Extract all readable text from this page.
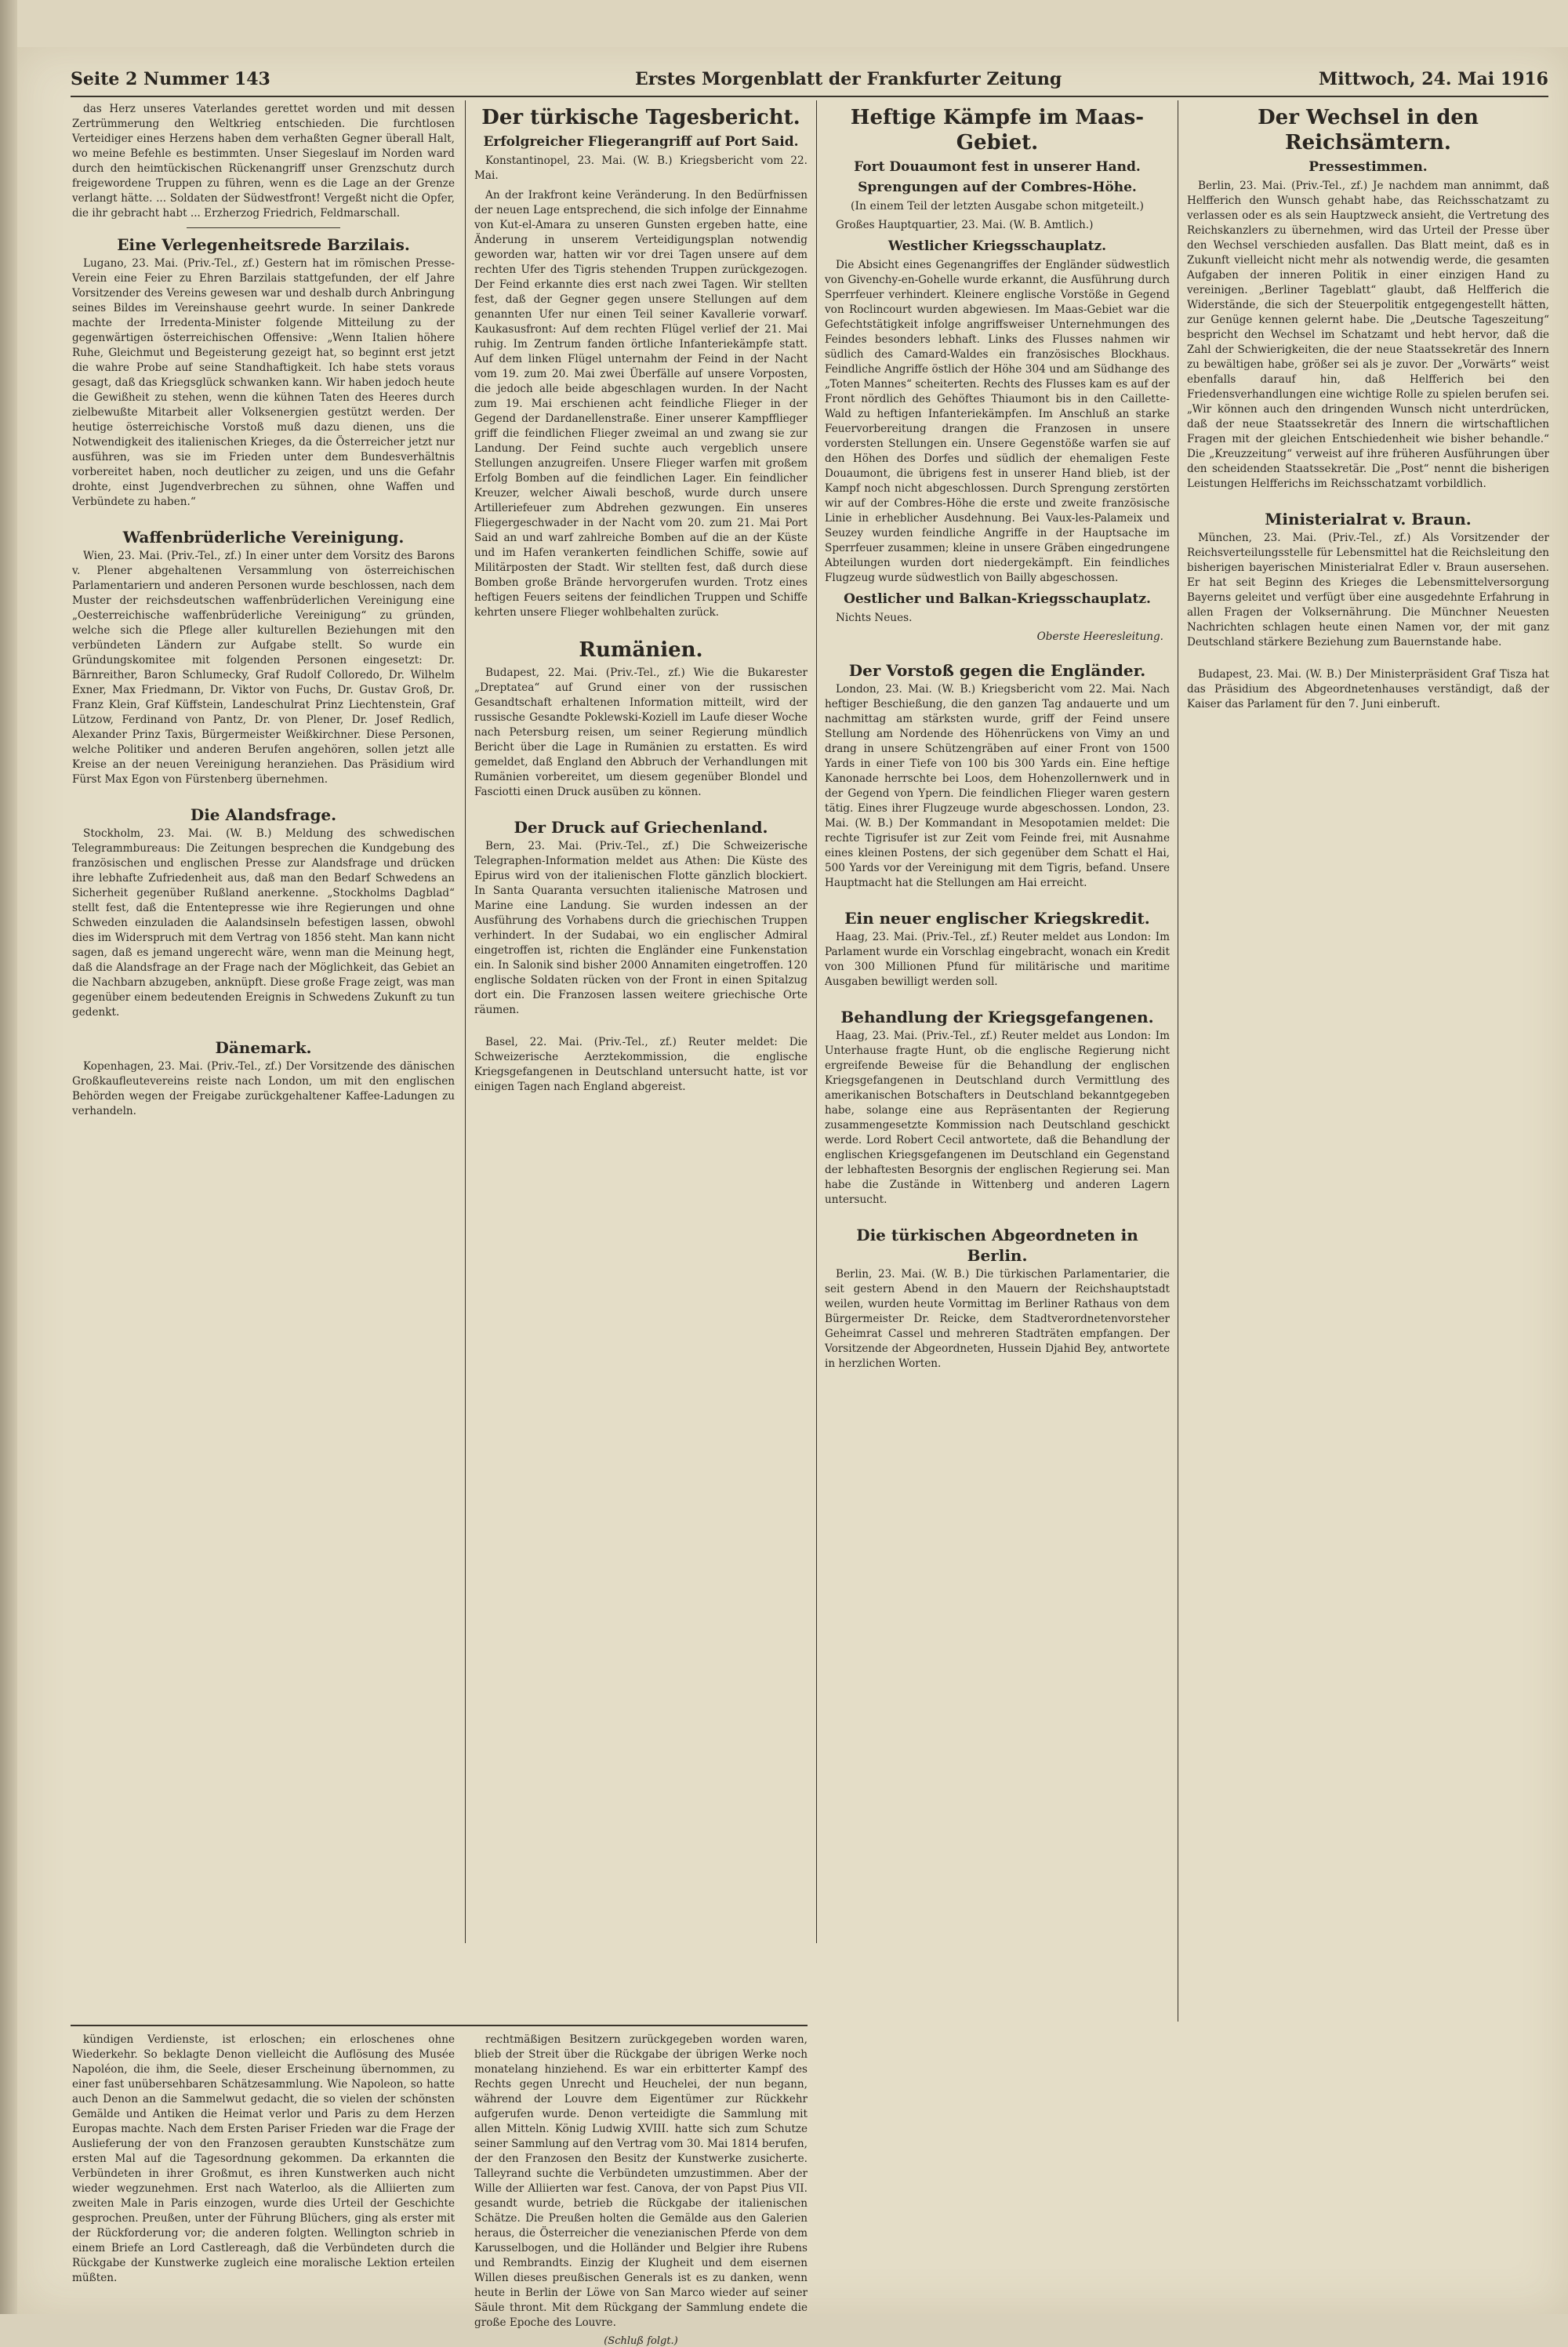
Seite 2 Nummer 143	Erstes Morgenblatt der Frankfurter Zeitung	Mittwoch, 24. Mai 1916

das Herz unseres Vaterlandes gerettet worden und mit dessen Zertrümmerung den Weltkrieg entschieden. Die furchtlosen Verteidiger eines Herzens haben dem verhaßten Gegner überall Halt, wo meine Befehle es bestimmten. Unser Siegeslauf im Norden ward durch den heimtückischen Rückenangriff unser Grenzschutz durch freigewordene Truppen zu führen, wenn es die Lage an der Grenze verlangt hätte. ... Soldaten der Südwestfront! Vergeßt nicht die Opfer, die ihr gebracht habt ... Erzherzog Friedrich, Feldmarschall.

Eine Verlegenheitsrede Barzilais.

Lugano, 23. Mai. (Priv.-Tel., zf.) Gestern hat im römischen Presse-Verein eine Feier zu Ehren Barzilais stattgefunden, der elf Jahre Vorsitzender des Vereins gewesen war und deshalb durch Anbringung seines Bildes im Vereinshause geehrt wurde. In seiner Dankrede machte der Irredenta-Minister folgende Mitteilung zu der gegenwärtigen österreichischen Offensive: „Wenn Italien höhere Ruhe, Gleichmut und Begeisterung gezeigt hat, so beginnt erst jetzt die wahre Probe auf seine Standhaftigkeit. Ich habe stets voraus gesagt, daß das Kriegsglück schwanken kann. Wir haben jedoch heute die Gewißheit zu stehen, wenn die kühnen Taten des Heeres durch zielbewußte Mitarbeit aller Volksenergien gestützt werden. Der heutige österreichische Vorstoß muß dazu dienen, uns die Notwendigkeit des italienischen Krieges, da die Österreicher jetzt nur ausführen, was sie im Frieden unter dem Bundesverhältnis vorbereitet haben, noch deutlicher zu zeigen, und uns die Gefahr drohte, einst Jugendverbrechen zu sühnen, ohne Waffen und Verbündete zu haben.“

Waffenbrüderliche Vereinigung.

Wien, 23. Mai. (Priv.-Tel., zf.) In einer unter dem Vorsitz des Barons v. Plener abgehaltenen Versammlung von österreichischen Parlamentariern und anderen Personen wurde beschlossen, nach dem Muster der reichsdeutschen waffenbrüderlichen Vereinigung eine „Oesterreichische waffenbrüderliche Vereinigung“ zu gründen, welche sich die Pflege aller kulturellen Beziehungen mit den verbündeten Ländern zur Aufgabe stellt. So wurde ein Gründungskomitee mit folgenden Personen eingesetzt: Dr. Bärnreither, Baron Schlumecky, Graf Rudolf Colloredo, Dr. Wilhelm Exner, Max Friedmann, Dr. Viktor von Fuchs, Dr. Gustav Groß, Dr. Franz Klein, Graf Küffstein, Landeschulrat Prinz Liechtenstein, Graf Lützow, Ferdinand von Pantz, Dr. von Plener, Dr. Josef Redlich, Alexander Prinz Taxis, Bürgermeister Weißkirchner. Diese Personen, welche Politiker und anderen Berufen angehören, sollen jetzt alle Kreise an der neuen Vereinigung heranziehen. Das Präsidium wird Fürst Max Egon von Fürstenberg übernehmen.

Die Alandsfrage.

Stockholm, 23. Mai. (W. B.) Meldung des schwedischen Telegrammbureaus: Die Zeitungen besprechen die Kundgebung des französischen und englischen Presse zur Alandsfrage und drücken ihre lebhafte Zufriedenheit aus, daß man den Bedarf Schwedens an Sicherheit gegenüber Rußland anerkenne. „Stockholms Dagblad“ stellt fest, daß die Ententepresse wie ihre Regierungen und ohne Schweden einzuladen die Aalandsinseln befestigen lassen, obwohl dies im Widerspruch mit dem Vertrag von 1856 steht. Man kann nicht sagen, daß es jemand ungerecht wäre, wenn man die Meinung hegt, daß die Alandsfrage an der Frage nach der Möglichkeit, das Gebiet an die Nachbarn abzugeben, anknüpft. Diese große Frage zeigt, was man gegenüber einem bedeutenden Ereignis in Schwedens Zukunft zu tun gedenkt.

Dänemark.

Kopenhagen, 23. Mai. (Priv.-Tel., zf.) Der Vorsitzende des dänischen Großkaufleutevereins reiste nach London, um mit den englischen Behörden wegen der Freigabe zurückgehaltener Kaffee-Ladungen zu verhandeln.

Der türkische Tagesbericht.
Erfolgreicher Fliegerangriff auf Port Said.

Konstantinopel, 23. Mai. (W. B.) Kriegsbericht vom 22. Mai.

An der Irakfront keine Veränderung. In den Bedürfnissen der neuen Lage entsprechend, die sich infolge der Einnahme von Kut-el-Amara zu unseren Gunsten ergeben hatte, eine Änderung in unserem Verteidigungsplan notwendig geworden war, hatten wir vor drei Tagen unsere auf dem rechten Ufer des Tigris stehenden Truppen zurückgezogen. Der Feind erkannte dies erst nach zwei Tagen. Wir stellten fest, daß der Gegner gegen unsere Stellungen auf dem genannten Ufer nur einen Teil seiner Kavallerie vorwarf. Kaukasusfront: Auf dem rechten Flügel verlief der 21. Mai ruhig. Im Zentrum fanden örtliche Infanteriekämpfe statt. Auf dem linken Flügel unternahm der Feind in der Nacht vom 19. zum 20. Mai zwei Überfälle auf unsere Vorposten, die jedoch alle beide abgeschlagen wurden. In der Nacht zum 19. Mai erschienen acht feindliche Flieger in der Gegend der Dardanellenstraße. Einer unserer Kampfflieger griff die feindlichen Flieger zweimal an und zwang sie zur Landung. Der Feind suchte auch vergeblich unsere Stellungen anzugreifen. Unsere Flieger warfen mit großem Erfolg Bomben auf die feindlichen Lager. Ein feindlicher Kreuzer, welcher Aiwali beschoß, wurde durch unsere Artilleriefeuer zum Abdrehen gezwungen. Ein unseres Fliegergeschwader in der Nacht vom 20. zum 21. Mai Port Said an und warf zahlreiche Bomben auf die an der Küste und im Hafen verankerten feindlichen Schiffe, sowie auf Militärposten der Stadt. Wir stellten fest, daß durch diese Bomben große Brände hervorgerufen wurden. Trotz eines heftigen Feuers seitens der feindlichen Truppen und Schiffe kehrten unsere Flieger wohlbehalten zurück.

Rumänien.

Budapest, 22. Mai. (Priv.-Tel., zf.) Wie die Bukarester „Dreptatea“ auf Grund einer von der russischen Gesandtschaft erhaltenen Information mitteilt, wird der russische Gesandte Poklewski-Koziell im Laufe dieser Woche nach Petersburg reisen, um seiner Regierung mündlich Bericht über die Lage in Rumänien zu erstatten. Es wird gemeldet, daß England den Abbruch der Verhandlungen mit Rumänien vorbereitet, um diesem gegenüber Blondel und Fasciotti einen Druck ausüben zu können.

Der Druck auf Griechenland.

Bern, 23. Mai. (Priv.-Tel., zf.) Die Schweizerische Telegraphen-Information meldet aus Athen: Die Küste des Epirus wird von der italienischen Flotte gänzlich blockiert. In Santa Quaranta versuchten italienische Matrosen und Marine eine Landung. Sie wurden indessen an der Ausführung des Vorhabens durch die griechischen Truppen verhindert. In der Sudabai, wo ein englischer Admiral eingetroffen ist, richten die Engländer eine Funkenstation ein. In Salonik sind bisher 2000 Annamiten eingetroffen. 120 englische Soldaten rücken von der Front in einen Spitalzug dort ein. Die Franzosen lassen weitere griechische Orte räumen.

Basel, 22. Mai. (Priv.-Tel., zf.) Reuter meldet: Die Schweizerische Aerztekommission, die englische Kriegsgefangenen in Deutschland untersucht hatte, ist vor einigen Tagen nach England abgereist.

Heftige Kämpfe im Maas-Gebiet.
Fort Douaumont fest in unserer Hand.
Sprengungen auf der Combres-Höhe.
(In einem Teil der letzten Ausgabe schon mitgeteilt.)

Großes Hauptquartier, 23. Mai. (W. B. Amtlich.)

Westlicher Kriegsschauplatz.

Die Absicht eines Gegenangriffes der Engländer südwestlich von Givenchy-en-Gohelle wurde erkannt, die Ausführung durch Sperrfeuer verhindert. Kleinere englische Vorstöße in Gegend von Roclincourt wurden abgewiesen. Im Maas-Gebiet war die Gefechtstätigkeit infolge angriffsweiser Unternehmungen des Feindes besonders lebhaft. Links des Flusses nahmen wir südlich des Camard-Waldes ein französisches Blockhaus. Feindliche Angriffe östlich der Höhe 304 und am Südhange des „Toten Mannes“ scheiterten. Rechts des Flusses kam es auf der Front nördlich des Gehöftes Thiaumont bis in den Caillette-Wald zu heftigen Infanteriekämpfen. Im Anschluß an starke Feuervorbereitung drangen die Franzosen in unsere vordersten Stellungen ein. Unsere Gegenstöße warfen sie auf den Höhen des Dorfes und südlich der ehemaligen Feste Douaumont, die übrigens fest in unserer Hand blieb, ist der Kampf noch nicht abgeschlossen. Durch Sprengung zerstörten wir auf der Combres-Höhe die erste und zweite französische Linie in erheblicher Ausdehnung. Bei Vaux-les-Palameix und Seuzey wurden feindliche Angriffe in der Hauptsache im Sperrfeuer zusammen; kleine in unsere Gräben eingedrungene Abteilungen wurden dort niedergekämpft. Ein feindliches Flugzeug wurde südwestlich von Bailly abgeschossen.

Oestlicher und Balkan-Kriegsschauplatz.

Nichts Neues.

Oberste Heeresleitung.
Der Vorstoß gegen die Engländer.

London, 23. Mai. (W. B.) Kriegsbericht vom 22. Mai. Nach heftiger Beschießung, die den ganzen Tag andauerte und um nachmittag am stärksten wurde, griff der Feind unsere Stellung am Nordende des Höhenrückens von Vimy an und drang in unsere Schützengräben auf einer Front von 1500 Yards in einer Tiefe von 100 bis 300 Yards ein. Eine heftige Kanonade herrschte bei Loos, dem Hohenzollernwerk und in der Gegend von Ypern. Die feindlichen Flieger waren gestern tätig. Eines ihrer Flugzeuge wurde abgeschossen. London, 23. Mai. (W. B.) Der Kommandant in Mesopotamien meldet: Die rechte Tigrisufer ist zur Zeit vom Feinde frei, mit Ausnahme eines kleinen Postens, der sich gegenüber dem Schatt el Hai, 500 Yards vor der Vereinigung mit dem Tigris, befand. Unsere Hauptmacht hat die Stellungen am Hai erreicht.

Ein neuer englischer Kriegskredit.

Haag, 23. Mai. (Priv.-Tel., zf.) Reuter meldet aus London: Im Parlament wurde ein Vorschlag eingebracht, wonach ein Kredit von 300 Millionen Pfund für militärische und maritime Ausgaben bewilligt werden soll.

Behandlung der Kriegsgefangenen.

Haag, 23. Mai. (Priv.-Tel., zf.) Reuter meldet aus London: Im Unterhause fragte Hunt, ob die englische Regierung nicht ergreifende Beweise für die Behandlung der englischen Kriegsgefangenen in Deutschland durch Vermittlung des amerikanischen Botschafters in Deutschland bekanntgegeben habe, solange eine aus Repräsentanten der Regierung zusammengesetzte Kommission nach Deutschland geschickt werde. Lord Robert Cecil antwortete, daß die Behandlung der englischen Kriegsgefangenen im Deutschland ein Gegenstand der lebhaftesten Besorgnis der englischen Regierung sei. Man habe die Zustände in Wittenberg und anderen Lagern untersucht.

Die türkischen Abgeordneten in Berlin.

Berlin, 23. Mai. (W. B.) Die türkischen Parlamentarier, die seit gestern Abend in den Mauern der Reichshauptstadt weilen, wurden heute Vormittag im Berliner Rathaus von dem Bürgermeister Dr. Reicke, dem Stadtverordnetenvorsteher Geheimrat Cassel und mehreren Stadträten empfangen. Der Vorsitzende der Abgeordneten, Hussein Djahid Bey, antwortete in herzlichen Worten.

Der Wechsel in den Reichsämtern.
Pressestimmen.

Berlin, 23. Mai. (Priv.-Tel., zf.) Je nachdem man annimmt, daß Helfferich den Wunsch gehabt habe, das Reichsschatzamt zu verlassen oder es als sein Hauptzweck ansieht, die Vertretung des Reichskanzlers zu übernehmen, wird das Urteil der Presse über den Wechsel verschieden ausfallen. Das Blatt meint, daß es in Zukunft vielleicht nicht mehr als notwendig werde, die gesamten Aufgaben der inneren Politik in einer einzigen Hand zu vereinigen. „Berliner Tageblatt“ glaubt, daß Helfferich die Widerstände, die sich der Steuerpolitik entgegengestellt hätten, zur Genüge kennen gelernt habe. Die „Deutsche Tageszeitung“ bespricht den Wechsel im Schatzamt und hebt hervor, daß die Zahl der Schwierigkeiten, die der neue Staatssekretär des Innern zu bewältigen habe, größer sei als je zuvor. Der „Vorwärts“ weist ebenfalls darauf hin, daß Helfferich bei den Friedensverhandlungen eine wichtige Rolle zu spielen berufen sei. „Wir können auch den dringenden Wunsch nicht unterdrücken, daß der neue Staatssekretär des Innern die wirtschaftlichen Fragen mit der gleichen Entschiedenheit wie bisher behandle.“ Die „Kreuzzeitung“ verweist auf ihre früheren Ausführungen über den scheidenden Staatssekretär. Die „Post“ nennt die bisherigen Leistungen Helfferichs im Reichsschatzamt vorbildlich.

Ministerialrat v. Braun.

München, 23. Mai. (Priv.-Tel., zf.) Als Vorsitzender der Reichsverteilungsstelle für Lebensmittel hat die Reichsleitung den bisherigen bayerischen Ministerialrat Edler v. Braun ausersehen. Er hat seit Beginn des Krieges die Lebensmittelversorgung Bayerns geleitet und verfügt über eine ausgedehnte Erfahrung in allen Fragen der Volksernährung. Die Münchner Neuesten Nachrichten schlagen heute einen Namen vor, der mit ganz Deutschland stärkere Beziehung zum Bauernstande habe.

Budapest, 23. Mai. (W. B.) Der Ministerpräsident Graf Tisza hat das Präsidium des Abgeordnetenhauses verständigt, daß der Kaiser das Parlament für den 7. Juni einberuft.

kündigen Verdienste, ist erloschen; ein erloschenes ohne Wiederkehr. So beklagte Denon vielleicht die Auflösung des Musée Napoléon, die ihm, die Seele, dieser Erscheinung übernommen, zu einer fast unübersehbaren Schätzesammlung. Wie Napoleon, so hatte auch Denon an die Sammelwut gedacht, die so vielen der schönsten Gemälde und Antiken die Heimat verlor und Paris zu dem Herzen Europas machte. Nach dem Ersten Pariser Frieden war die Frage der Auslieferung der von den Franzosen geraubten Kunstschätze zum ersten Mal auf die Tagesordnung gekommen. Da erkannten die Verbündeten in ihrer Großmut, es ihren Kunstwerken auch nicht wieder wegzunehmen. Erst nach Waterloo, als die Alliierten zum zweiten Male in Paris einzogen, wurde dies Urteil der Geschichte gesprochen. Preußen, unter der Führung Blüchers, ging als erster mit der Rückforderung vor; die anderen folgten. Wellington schrieb in einem Briefe an Lord Castlereagh, daß die Verbündeten durch die Rückgabe der Kunstwerke zugleich eine moralische Lektion erteilen müßten.

rechtmäßigen Besitzern zurückgegeben worden waren, blieb der Streit über die Rückgabe der übrigen Werke noch monatelang hinziehend. Es war ein erbitterter Kampf des Rechts gegen Unrecht und Heuchelei, der nun begann, während der Louvre dem Eigentümer zur Rückkehr aufgerufen wurde. Denon verteidigte die Sammlung mit allen Mitteln. König Ludwig XVIII. hatte sich zum Schutze seiner Sammlung auf den Vertrag vom 30. Mai 1814 berufen, der den Franzosen den Besitz der Kunstwerke zusicherte. Talleyrand suchte die Verbündeten umzustimmen. Aber der Wille der Alliierten war fest. Canova, der von Papst Pius VII. gesandt wurde, betrieb die Rückgabe der italienischen Schätze. Die Preußen holten die Gemälde aus den Galerien heraus, die Österreicher die venezianischen Pferde von dem Karusselbogen, und die Holländer und Belgier ihre Rubens und Rembrandts. Einzig der Klugheit und dem eisernen Willen dieses preußischen Generals ist es zu danken, wenn heute in Berlin der Löwe von San Marco wieder auf seiner Säule thront. Mit dem Rückgang der Sammlung endete die große Epoche des Louvre.

(Schluß folgt.)
